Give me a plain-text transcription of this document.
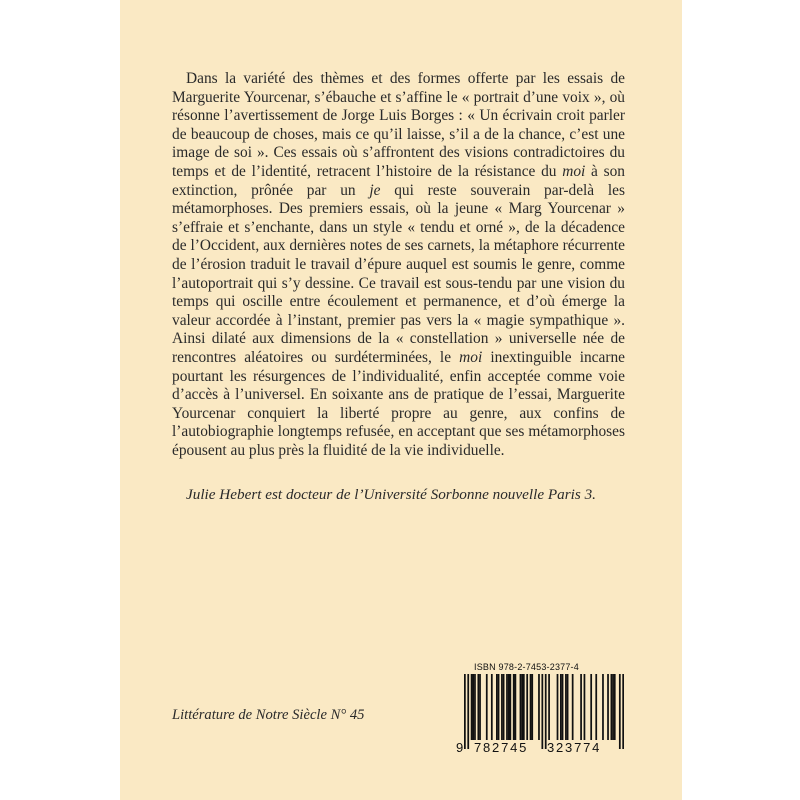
Dans la variété des thèmes et des formes offerte par les essais de Marguerite Yourcenar, s’ébauche et s’affine le « portrait d’une voix », où résonne l’avertissement de Jorge Luis Borges : « Un écrivain croit parler de beaucoup de choses, mais ce qu’il laisse, s’il a de la chance, c’est une image de soi ». Ces essais où s’affrontent des visions contradictoires du temps et de l’identité, retracent l’histoire de la résistance du moi à son extinction, prônée par un je qui reste souverain par-delà les métamorphoses. Des premiers essais, où la jeune « Marg Yourcenar » s’effraie et s’enchante, dans un style « tendu et orné », de la décadence de l’Occident, aux dernières notes de ses carnets, la métaphore récurrente de l’érosion traduit le travail d’épure auquel est soumis le genre, comme l’autoportrait qui s’y dessine. Ce travail est sous-tendu par une vision du temps qui oscille entre écoulement et permanence, et d’où émerge la valeur accordée à l’instant, premier pas vers la « magie sympathique ». Ainsi dilaté aux dimensions de la « constellation » universelle née de rencontres aléatoires ou surdéterminées, le moi inextinguible incarne pourtant les résurgences de l’individualité, enfin acceptée comme voie d’accès à l’universel. En soixante ans de pratique de l’essai, Marguerite Yourcenar conquiert la liberté propre au genre, aux confins de l’autobiographie longtemps refusée, en acceptant que ses métamorphoses épousent au plus près la fluidité de la vie individuelle.

Julie Hebert est docteur de l’Université Sorbonne nouvelle Paris 3.
Littérature de Notre Siècle N° 45
ISBN 978-2-7453-2377-4
9 782745 323774
